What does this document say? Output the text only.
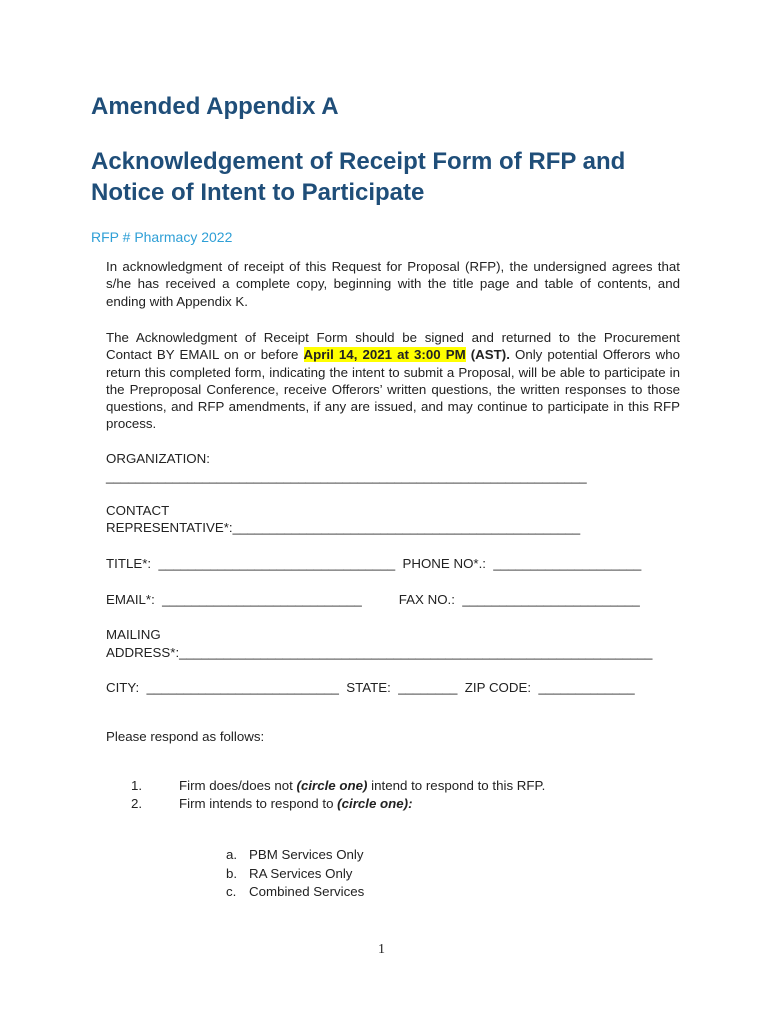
Amended Appendix A
Acknowledgement of Receipt Form of RFP and
Notice of Intent to Participate
RFP # Pharmacy 2022
In acknowledgment of receipt of this Request for Proposal (RFP), the undersigned agrees that s/he has received a complete copy, beginning with the title page and table of contents, and ending with Appendix K.
The Acknowledgment of Receipt Form should be signed and returned to the Procurement Contact BY EMAIL on or before April 14, 2021 at 3:00 PM (AST). Only potential Offerors who return this completed form, indicating the intent to submit a Proposal, will be able to participate in the Preproposal Conference, receive Offerors’ written questions, the written responses to those questions, and RFP amendments, if any are issued, and may continue to participate in this RFP process.
ORGANIZATION:
_________________________________________________________________
CONTACT
REPRESENTATIVE*:_______________________________________________
TITLE*:  ________________________________  PHONE NO*.:  ____________________
EMAIL*:  ___________________________          FAX NO.:  ________________________
MAILING
ADDRESS*:________________________________________________________________
CITY:  __________________________  STATE:  ________  ZIP CODE:  _____________
Please respond as follows:
1.	Firm does/does not (circle one) intend to respond to this RFP.
2.	Firm intends to respond to (circle one):
a. PBM Services Only
b. RA Services Only
c. Combined Services
1
